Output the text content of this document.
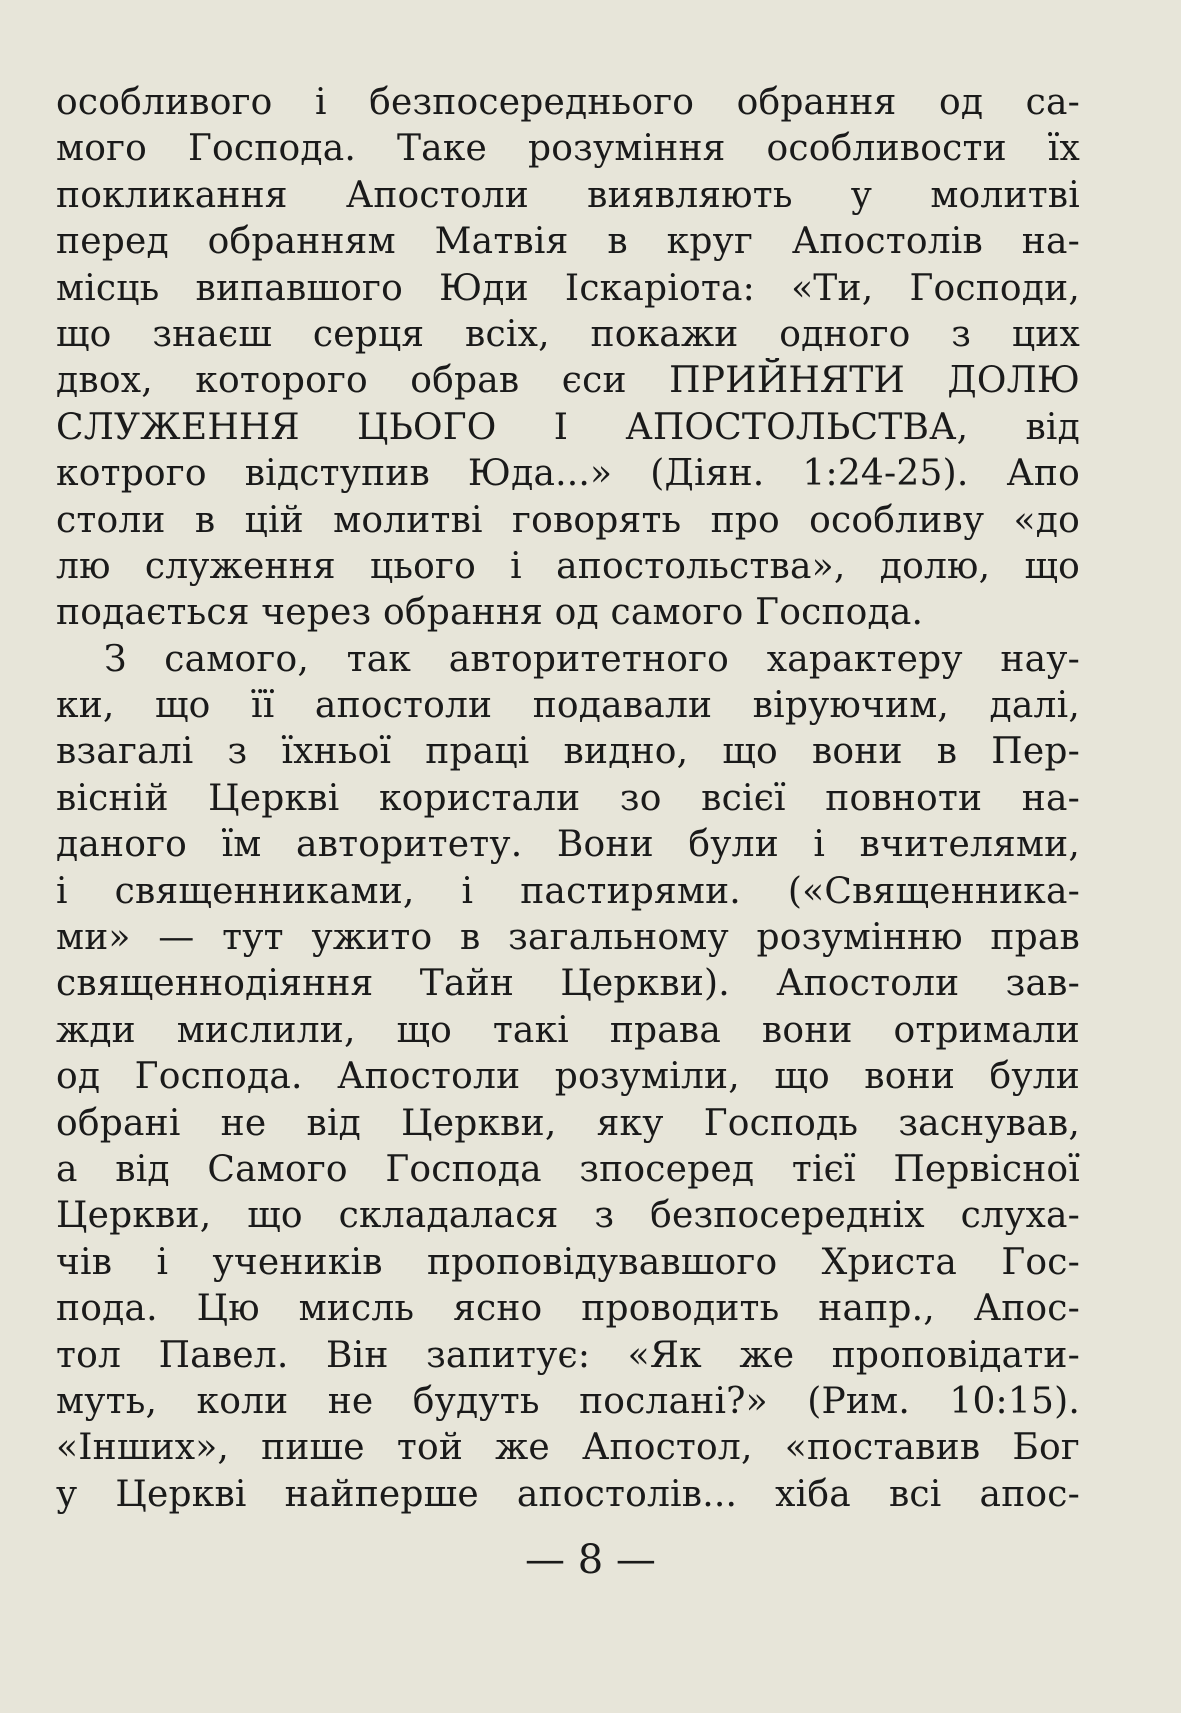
особливого і безпосереднього обрання од са-
мого Господа. Таке розуміння особливости їх
покликання Апостоли виявляють у молитві
перед обранням Матвія в круг Апостолів на-
місць випавшого Юди Іскаріота: «Ти, Господи,
що знаєш серця всіх, покажи одного з цих
двох, которого обрав єси ПРИЙНЯТИ ДОЛЮ
СЛУЖЕННЯ ЦЬОГО І АПОСТОЛЬСТВА, від
котрого відступив Юда...» (Діян. 1:24-25). Апо
столи в цій молитві говорять про особливу «до
лю служення цього і апостольства», долю, що
подається через обрання од самого Господа.
З самого, так авторитетного характеру нау-
ки, що її апостоли подавали віруючим, далі,
взагалі з їхньої праці видно, що вони в Пер-
вісній Церкві користали зо всієї повноти на-
даного їм авторитету. Вони були і вчителями,
і священниками, і пастирями. («Священника-
ми» — тут ужито в загальному розумінню прав
священнодіяння Тайн Церкви). Апостоли зав-
жди мислили, що такі права вони отримали
од Господа. Апостоли розуміли, що вони були
обрані не від Церкви, яку Господь заснував,
а від Самого Господа зпосеред тієї Первісної
Церкви, що складалася з безпосередніх слуха-
чів і учеників проповідувавшого Христа Гос-
пода. Цю мисль ясно проводить напр., Апос-
тол Павел. Він запитує: «Як же проповідати-
муть, коли не будуть послані?» (Рим. 10:15).
«Інших», пише той же Апостол, «поставив Бог
у Церкві найперше апостолів... хіба всі апос-
— 8 —
